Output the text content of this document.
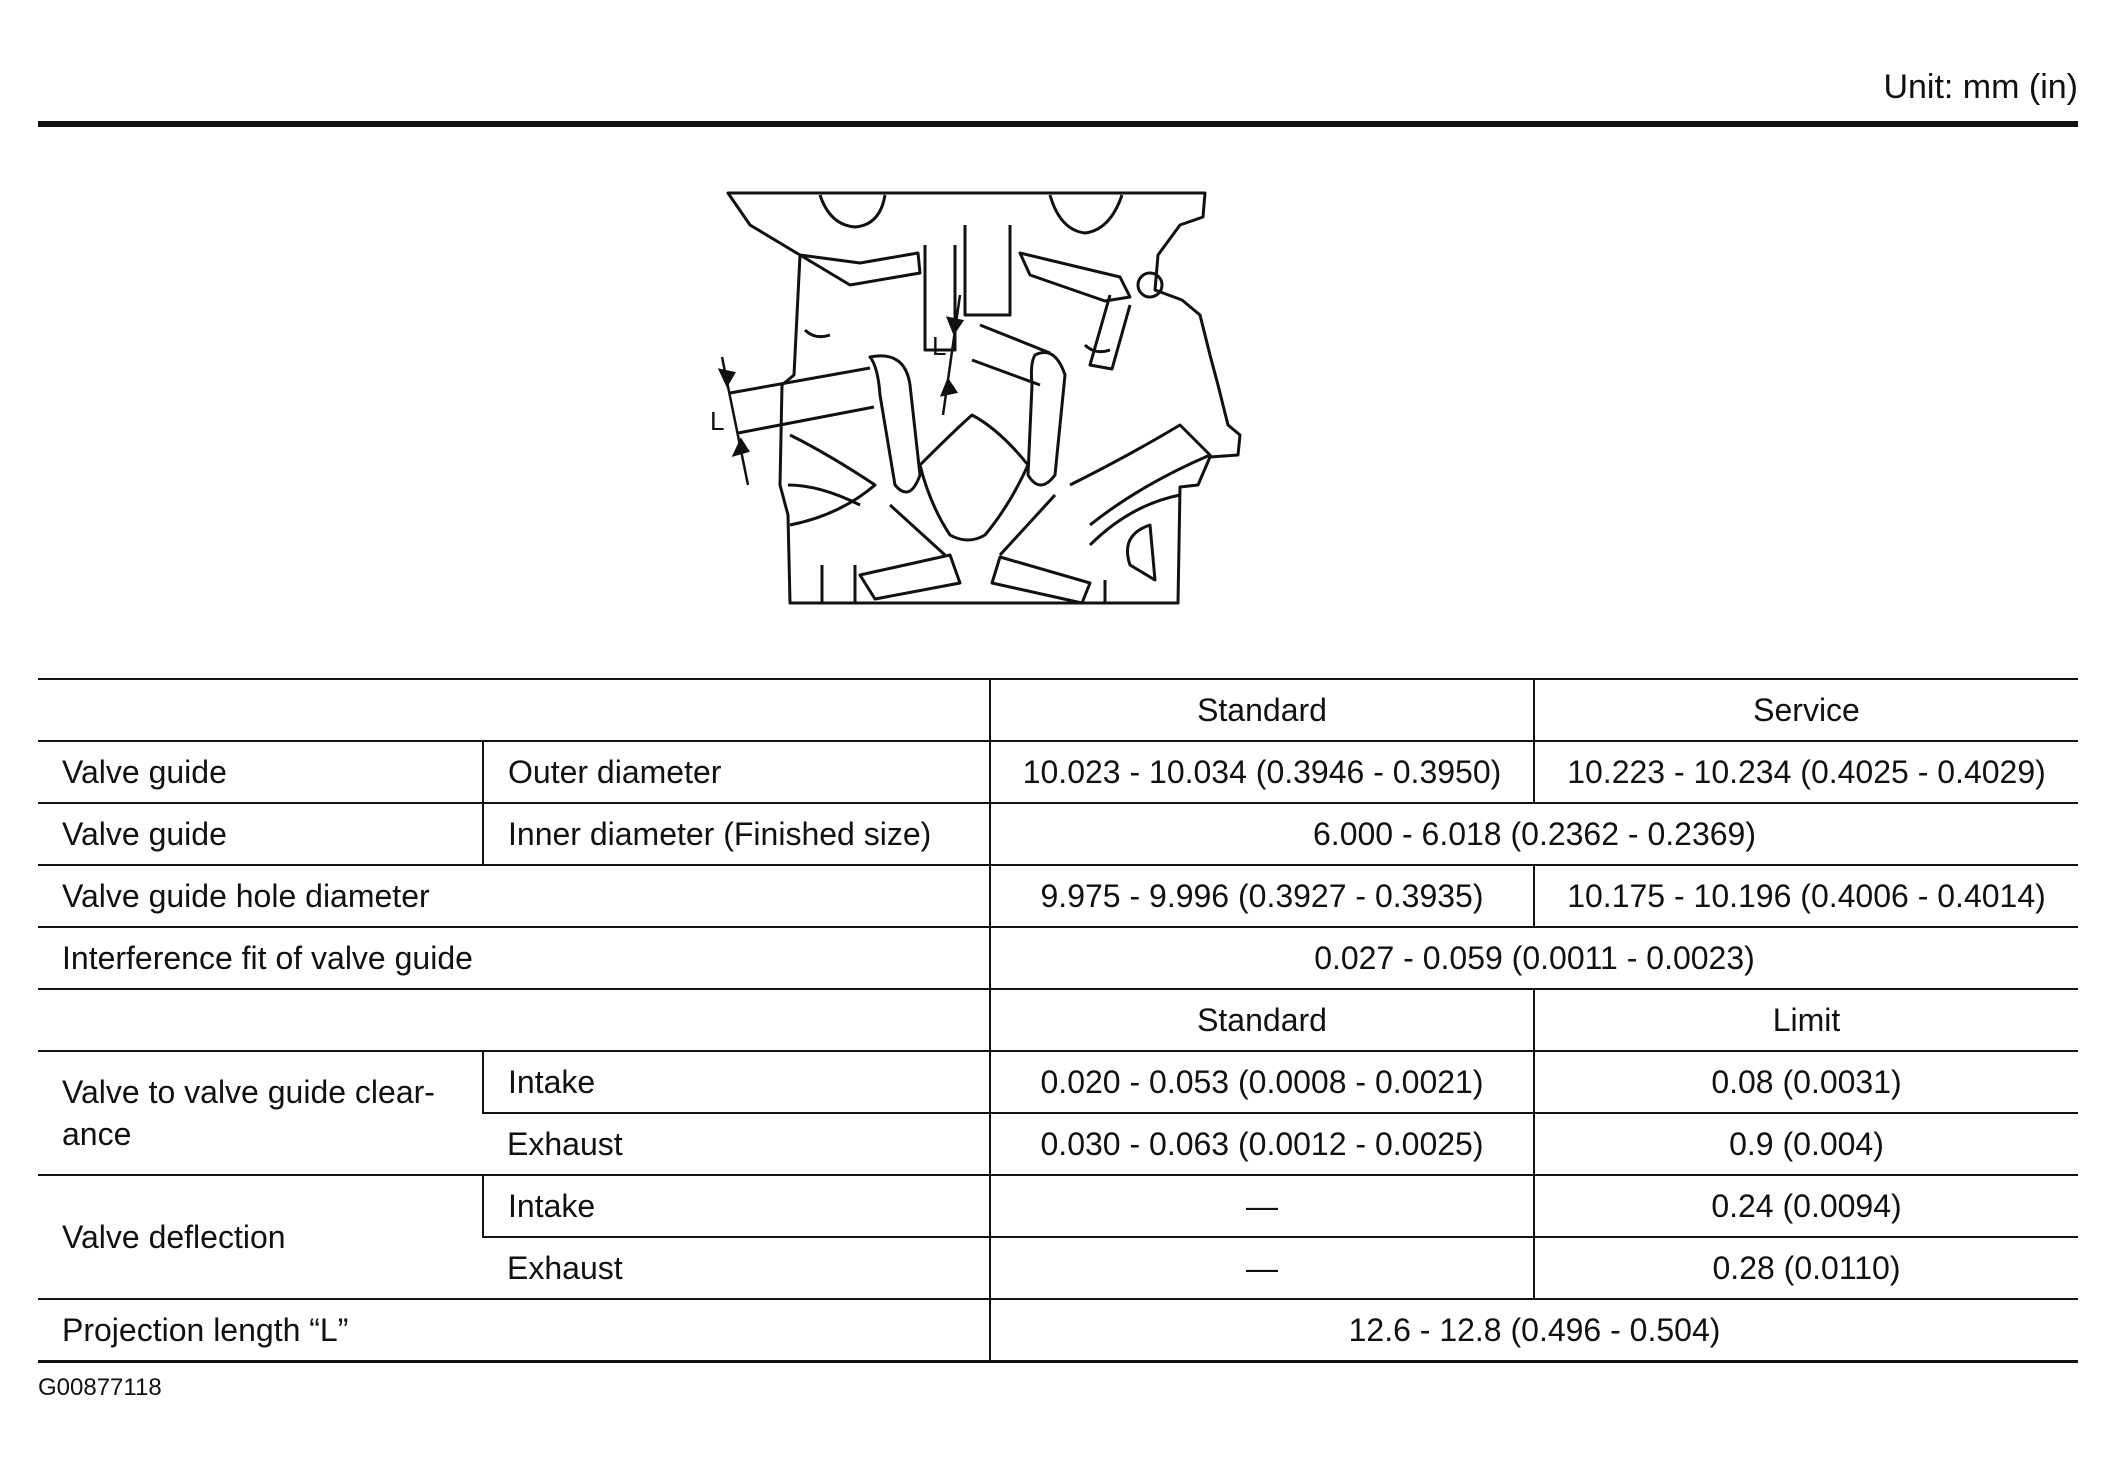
Unit: mm (in)
L
L
		Standard	Service
Valve guide	Outer diameter	10.023 - 10.034 (0.3946 - 0.3950)	10.223 - 10.234 (0.4025 - 0.4029)
Valve guide	Inner diameter (Finished size)	6.000 - 6.018 (0.2362 - 0.2369)	
Valve guide hole diameter		9.975 - 9.996 (0.3927 - 0.3935)	10.175 - 10.196 (0.4006 - 0.4014)
Interference fit of valve guide		0.027 - 0.059 (0.0011 - 0.0023)	
		Standard	Limit
Valve to valve guide clear-ance	Intake	0.020 - 0.053 (0.0008 - 0.0021)	0.08 (0.0031)
	Exhaust	0.030 - 0.063 (0.0012 - 0.0025)	0.9 (0.004)
Valve deflection	Intake	—	0.24 (0.0094)
	Exhaust	—	0.28 (0.0110)
Projection length “L”		12.6 - 12.8 (0.496 - 0.504)	
G00877118
